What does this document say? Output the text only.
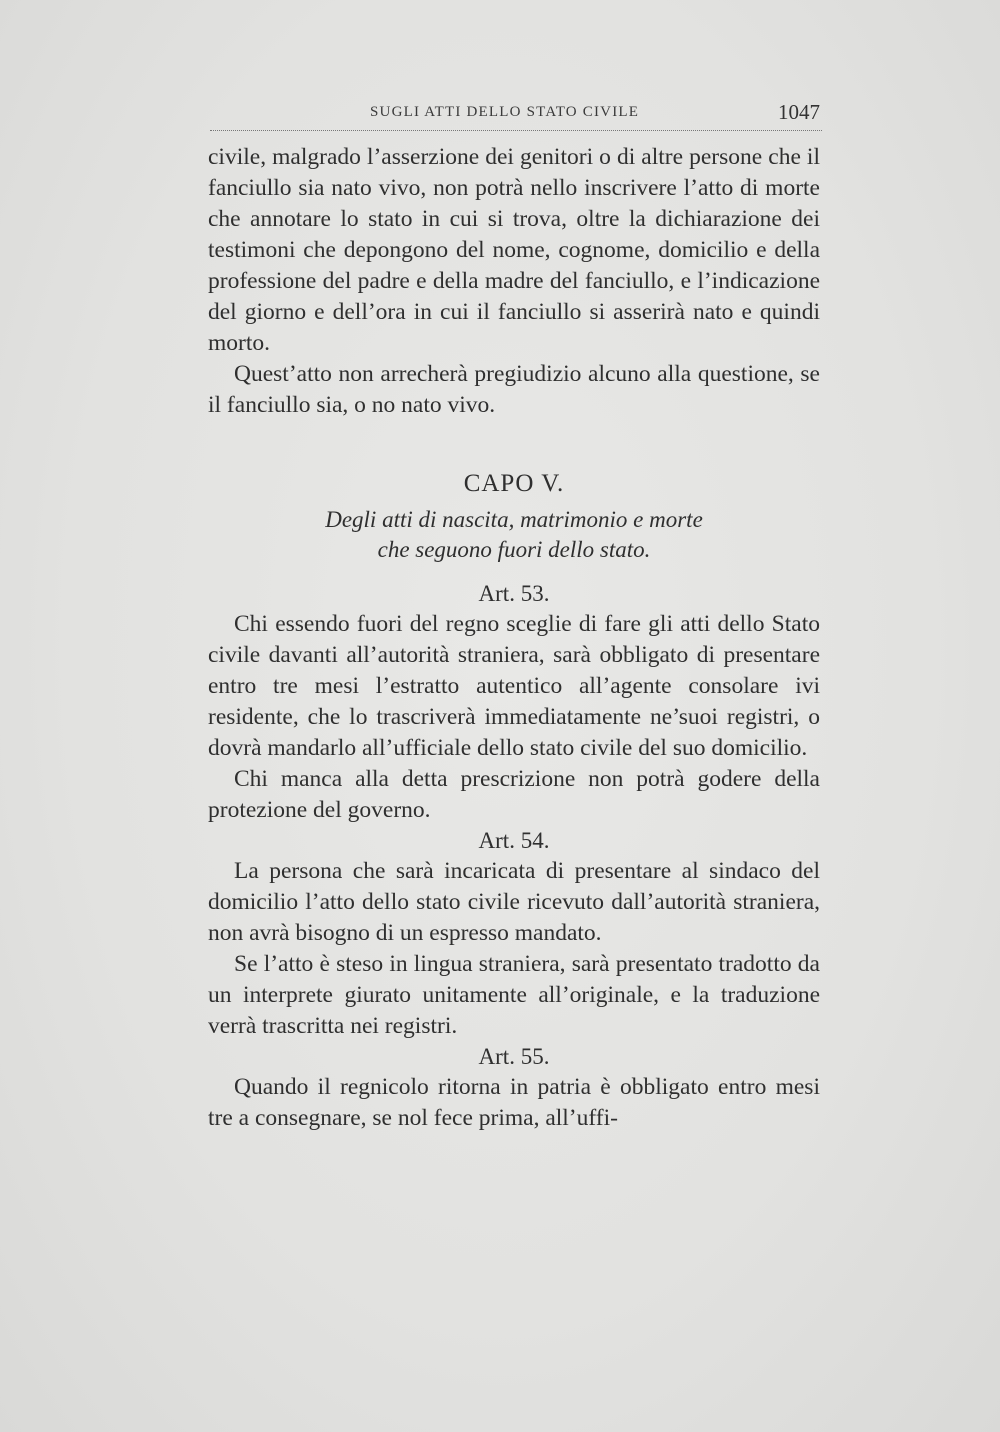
SUGLI ATTI DELLO STATO CIVILE	1047

civile, malgrado l’asserzione dei genitori o di altre persone che il fanciullo sia nato vivo, non potrà nello inscrivere l’atto di morte che annotare lo stato in cui si trova, oltre la dichiarazione dei testimoni che depongono del nome, cognome, domicilio e della professione del padre e della madre del fanciullo, e l’indicazione del giorno e dell’ora in cui il fanciullo si asserirà nato e quindi morto.

Quest’atto non arrecherà pregiudizio alcuno alla questione, se il fanciullo sia, o no nato vivo.

CAPO V.

Degli atti di nascita, matrimonio e morte

che seguono fuori dello stato.

Art. 53.

Chi essendo fuori del regno sceglie di fare gli atti dello Stato civile davanti all’autorità straniera, sarà obbligato di presentare entro tre mesi l’estratto autentico all’agente consolare ivi residente, che lo trascriverà immediatamente ne’suoi registri, o dovrà mandarlo all’ufficiale dello stato civile del suo domicilio.

Chi manca alla detta prescrizione non potrà godere della protezione del governo.

Art. 54.

La persona che sarà incaricata di presentare al sindaco del domicilio l’atto dello stato civile ricevuto dall’autorità straniera, non avrà bisogno di un espresso mandato.

Se l’atto è steso in lingua straniera, sarà presentato tradotto da un interprete giurato unitamente all’originale, e la traduzione verrà trascritta nei registri.

Art. 55.

Quando il regnicolo ritorna in patria è obbligato entro mesi tre a consegnare, se nol fece prima, all’uffi-
